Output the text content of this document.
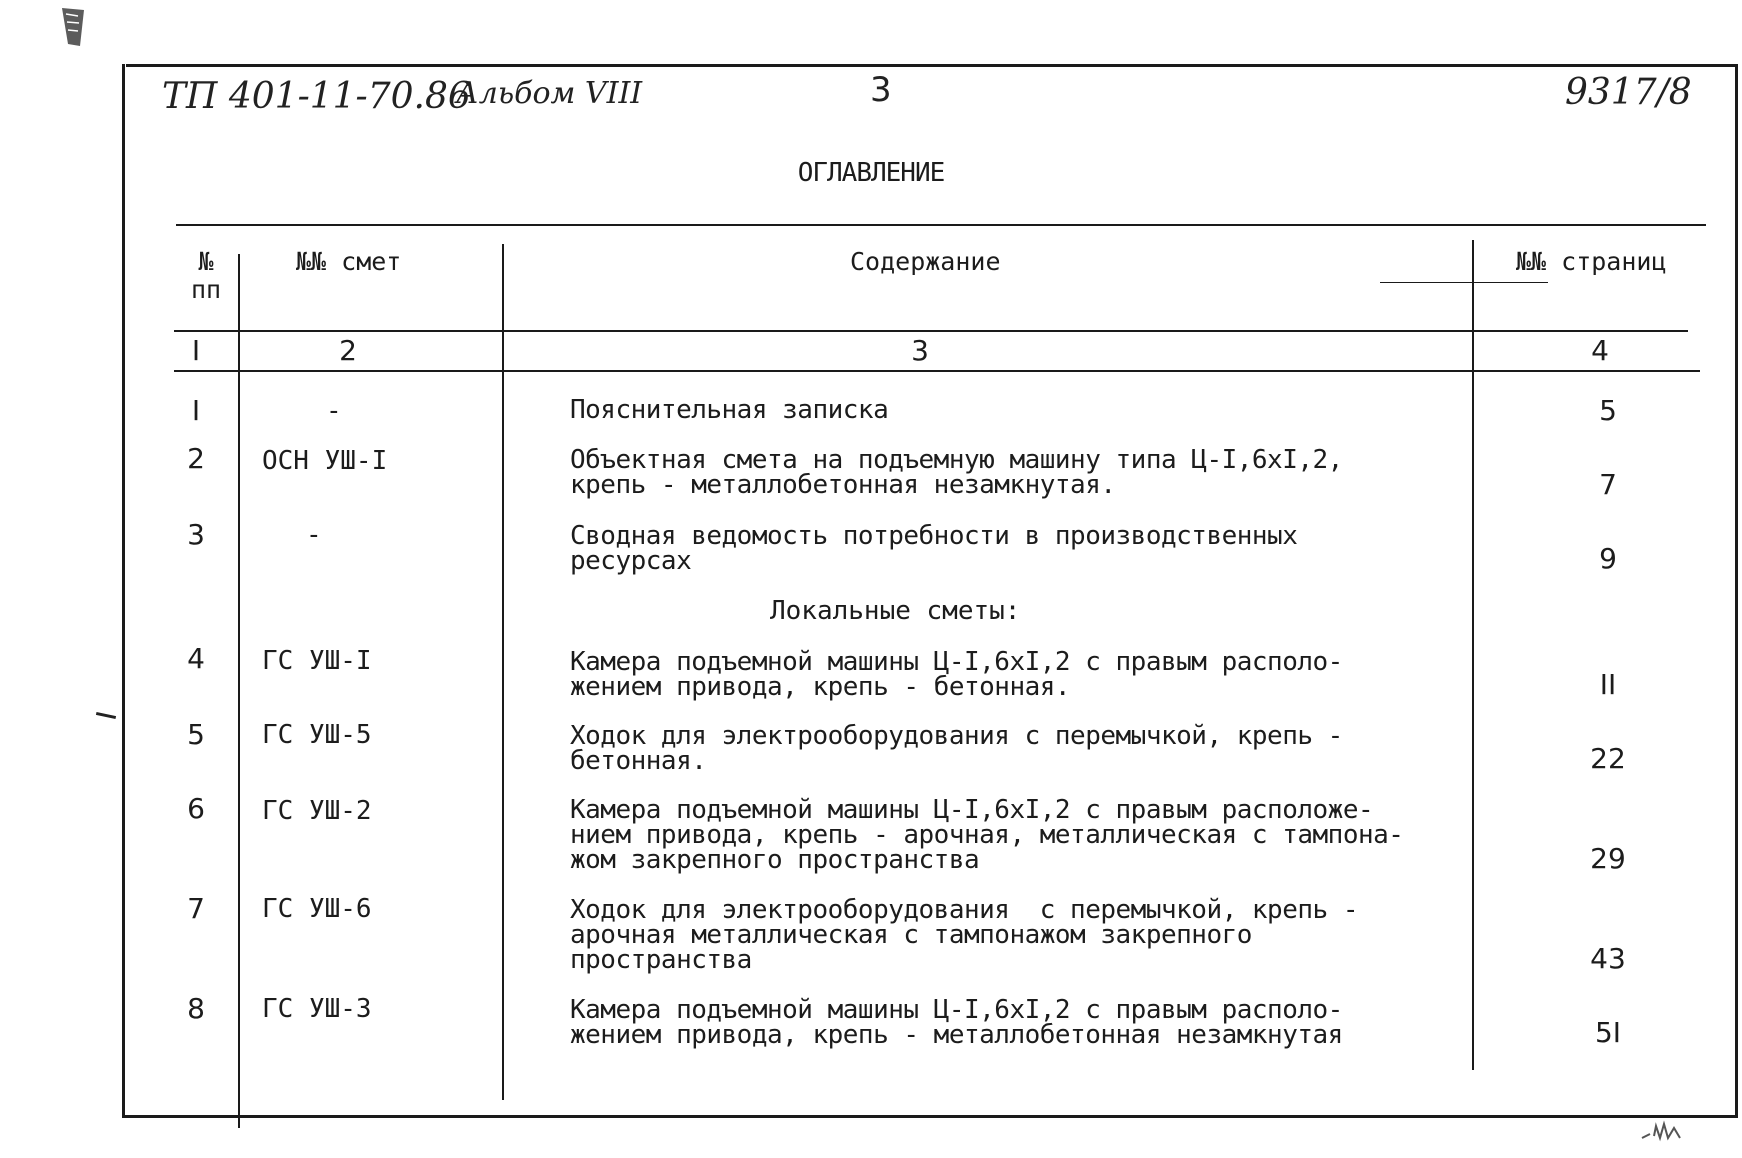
ТП 401-11-70.86
Альбом VIII	3	9317/8
ОГЛАВЛЕНИЕ
№ пп
№№ смет	Содержание	№№ страниц
I	2	3	4
I	-	Пояснительная записка	5
2	ОСН УШ-I	Объектная смета на подъемную машину типа Ц-I,6хI,2,
крепь - металлобетонная незамкнутая.	7
3	-	Сводная ведомость потребности в производственных
ресурсах	9
Локальные сметы:
4	ГС УШ-I	Камера подъемной машины Ц-I,6хI,2 с правым располо-
жением привода, крепь - бетонная.	II
5	ГС УШ-5	Ходок для электрооборудования с перемычкой, крепь -
бетонная.	22
6	ГС УШ-2	Камера подъемной машины Ц-I,6хI,2 с правым расположе-
нием привода, крепь - арочная, металлическая с тампона-
жом закрепного пространства	29
7	ГС УШ-6	Ходок для электрооборудования  с перемычкой, крепь -
арочная металлическая с тампонажом закрепного
пространства	43
8	ГС УШ-3	Камера подъемной машины Ц-I,6хI,2 с правым располо-
жением привода, крепь - металлобетонная незамкнутая	5I
